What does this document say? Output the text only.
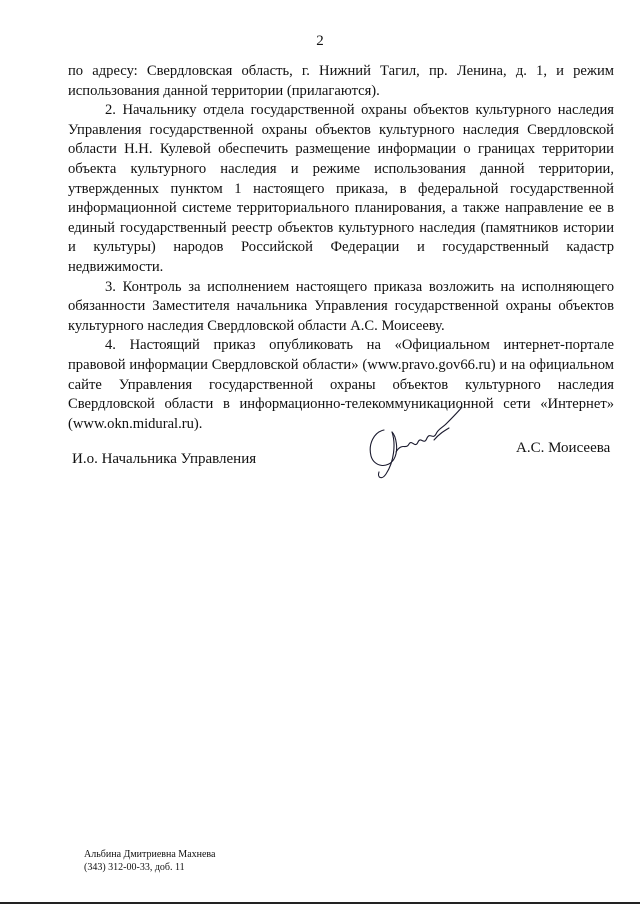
2

по адресу: Свердловская область, г. Нижний Тагил, пр. Ленина, д. 1, и режим использования данной территории (прилагаются).

2. Начальнику отдела государственной охраны объектов культурного наследия Управления государственной охраны объектов культурного наследия Свердловской области Н.Н. Кулевой обеспечить размещение информации о границах территории объекта культурного наследия и режиме использования данной территории, утвержденных пунктом 1 настоящего приказа, в федеральной государственной информационной системе территориального планирования, а также направление ее в единый государственный реестр объектов культурного наследия (памятников истории и культуры) народов Российской Федерации и государственный кадастр недвижимости.

3. Контроль за исполнением настоящего приказа возложить на исполняющего обязанности Заместителя начальника Управления государственной охраны объектов культурного наследия Свердловской области А.С. Моисееву.

4. Настоящий приказ опубликовать на «Официальном интернет-портале правовой информации Свердловской области» (www.pravo.gov66.ru) и на официальном сайте Управления государственной охраны объектов культурного наследия Свердловской области в информационно-телекоммуникационной сети «Интернет» (www.okn.midural.ru).

И.о. Начальника Управления
А.С. Моисеева
Альбина Дмитриевна Махнева
(343) 312-00-33, доб. 11
